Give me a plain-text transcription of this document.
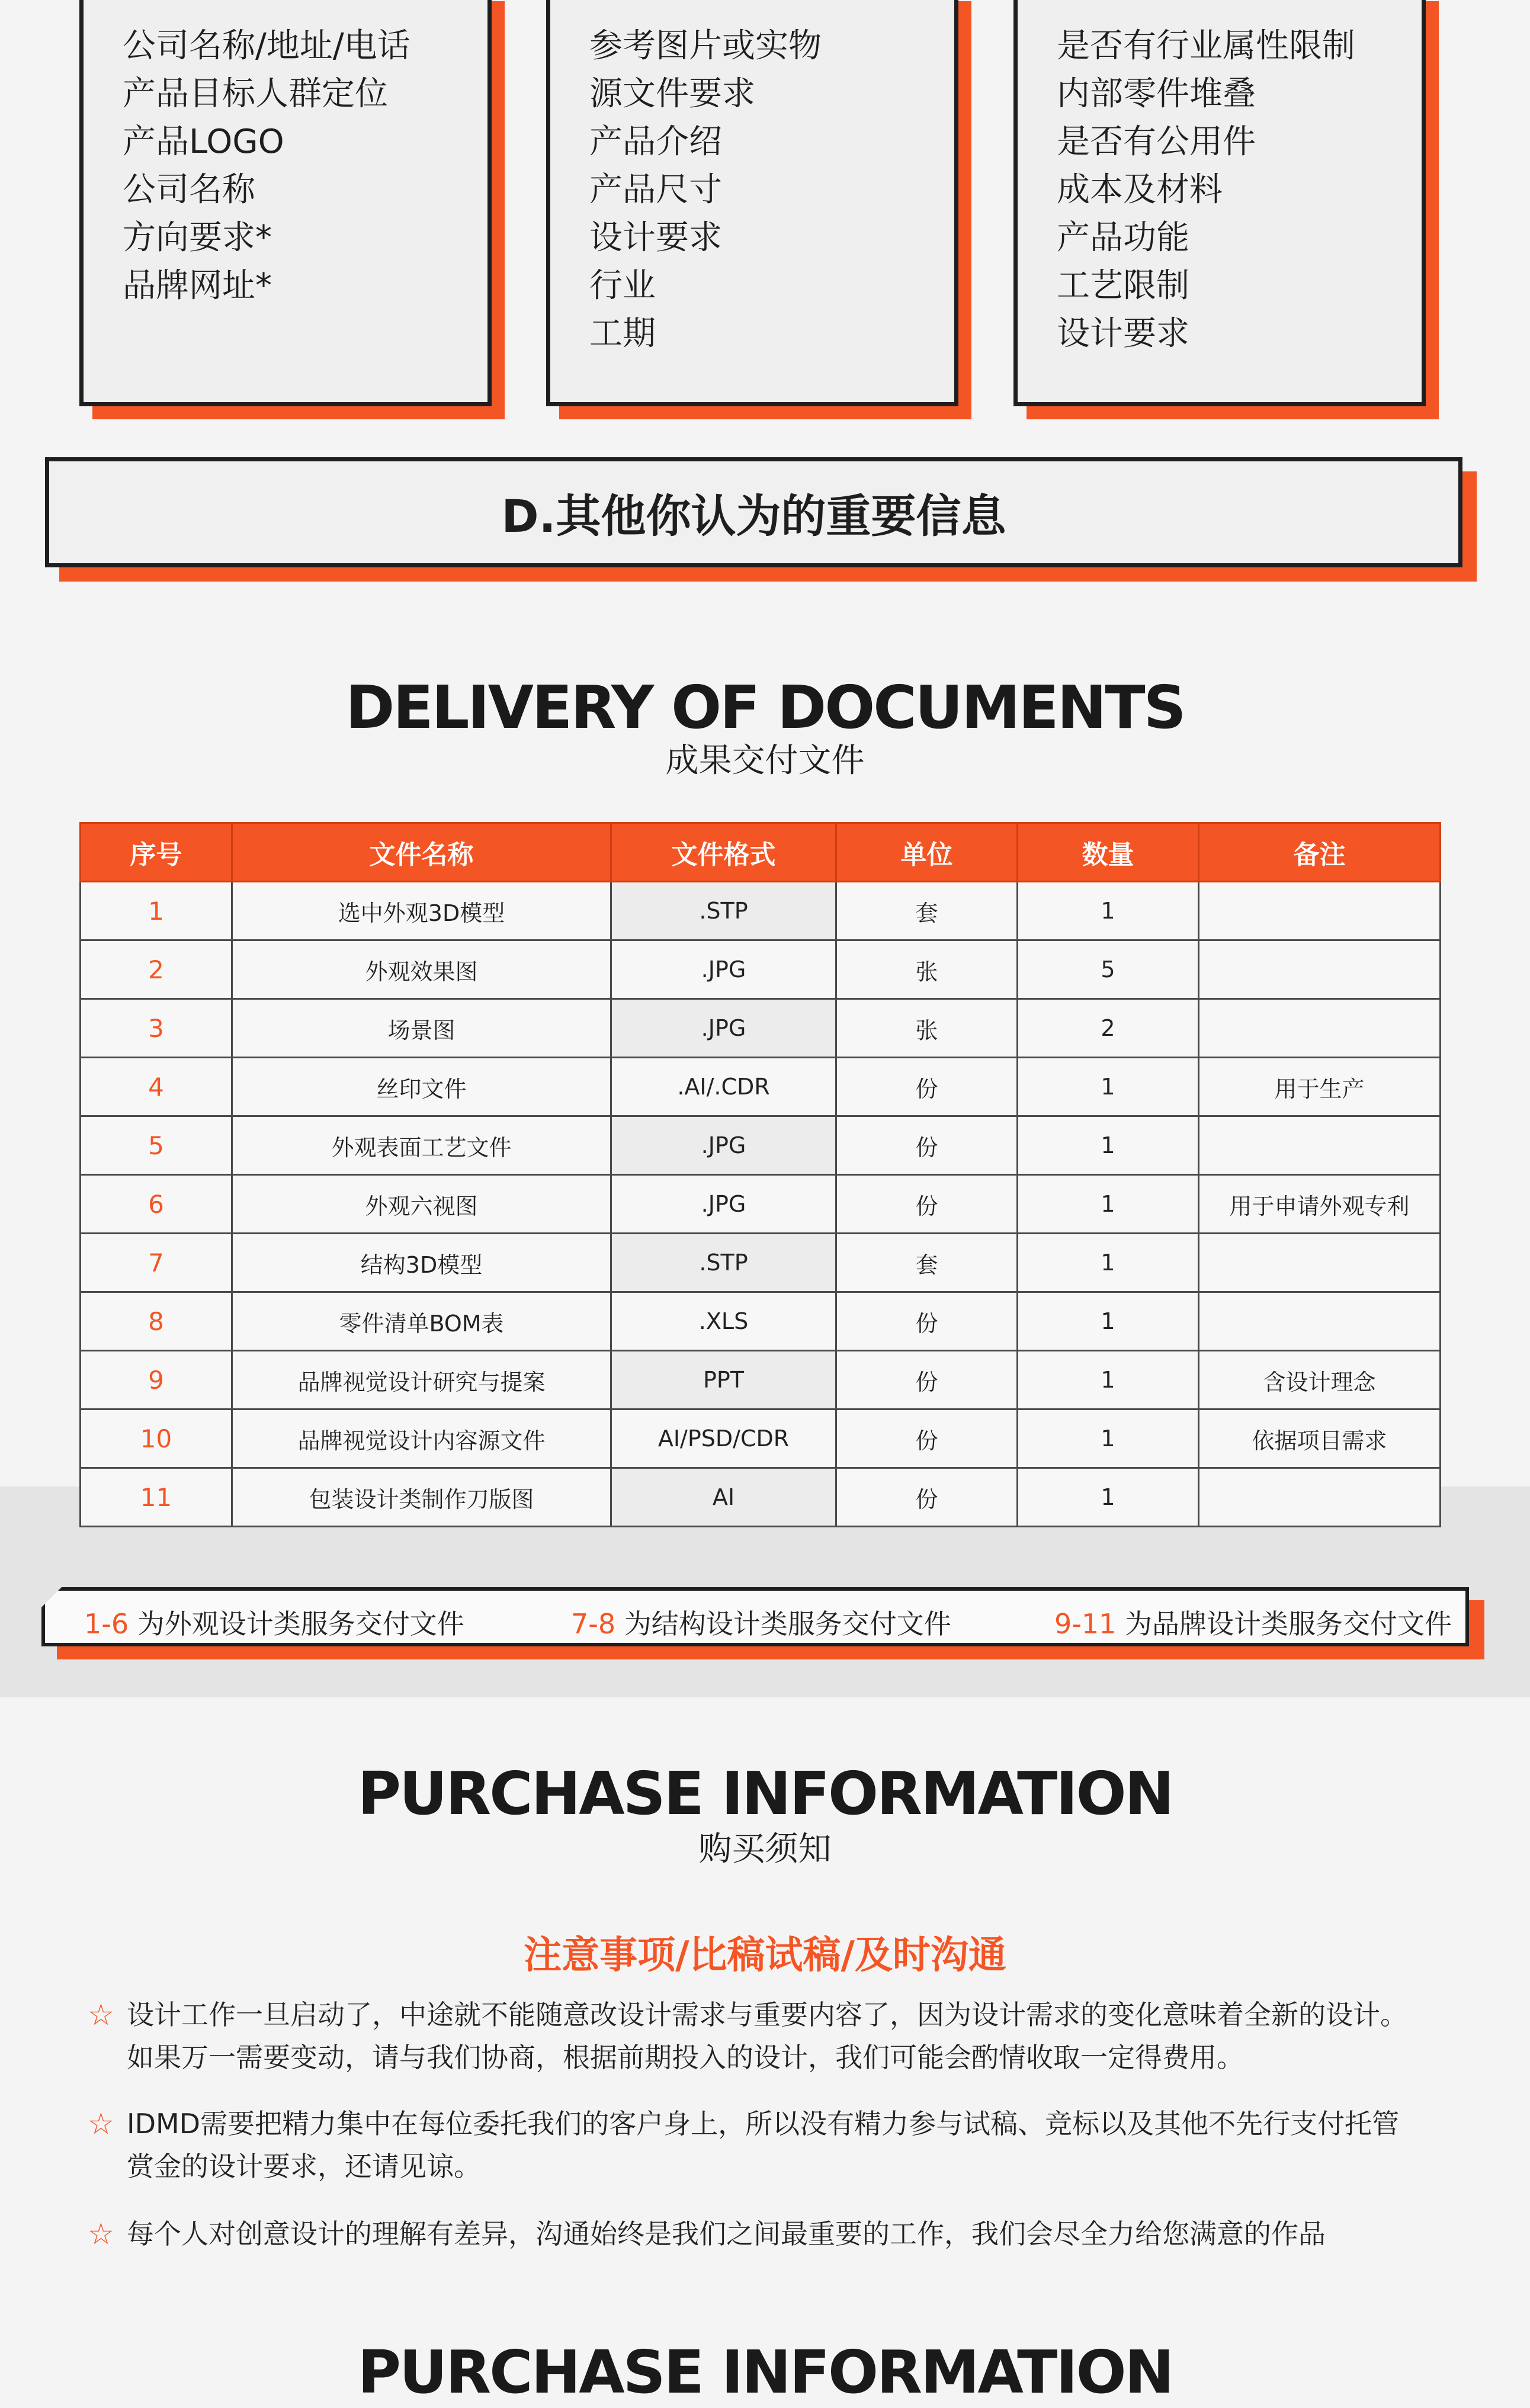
公司名称/地址/电话
产品目标人群定位
产品LOGO
公司名称
方向要求*
品牌网址*
参考图片或实物
源文件要求
产品介绍
产品尺寸
设计要求
行业
工期
是否有行业属性限制
内部零件堆叠
是否有公用件
成本及材料
产品功能
工艺限制
设计要求
D.其他你认为的重要信息
DELIVERY OF DOCUMENTS
成果交付文件
序号	文件名称	文件格式	单位	数量	备注
1	选中外观3D模型	.STP	套	1	
2	外观效果图	.JPG	张	5	
3	场景图	.JPG	张	2	
4	丝印文件	.AI/.CDR	份	1	用于生产
5	外观表面工艺文件	.JPG	份	1	
6	外观六视图	.JPG	份	1	用于申请外观专利
7	结构3D模型	.STP	套	1	
8	零件清单BOM表	.XLS	份	1	
9	品牌视觉设计研究与提案	PPT	份	1	含设计理念
10	品牌视觉设计内容源文件	AI/PSD/CDR	份	1	依据项目需求
11	包装设计类制作刀版图	AI	份	1	
1-6 为外观设计类服务交付文件	7-8 为结构设计类服务交付文件	9-11 为品牌设计类服务交付文件
PURCHASE INFORMATION
购买须知
注意事项/比稿试稿/及时沟通
☆ 设计工作一旦启动了，中途就不能随意改设计需求与重要内容了，因为设计需求的变化意味着全新的设计。如果万一需要变动，请与我们协商，根据前期投入的设计，我们可能会酌情收取一定得费用。
☆ IDMD需要把精力集中在每位委托我们的客户身上，所以没有精力参与试稿、竞标以及其他不先行支付托管赏金的设计要求，还请见谅。
☆ 每个人对创意设计的理解有差异，沟通始终是我们之间最重要的工作，我们会尽全力给您满意的作品
PURCHASE INFORMATION
